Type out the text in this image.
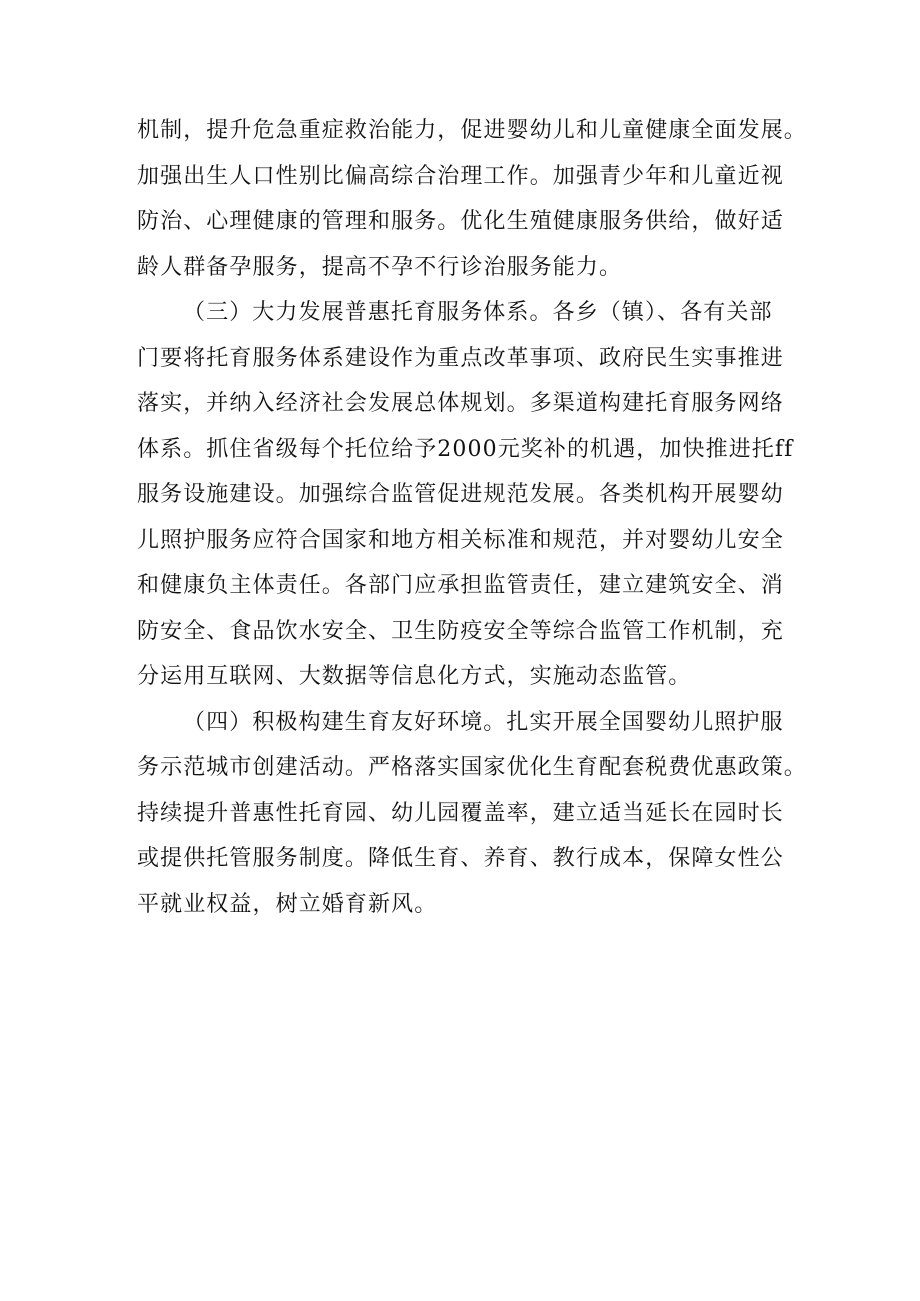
机制，提升危急重症救治能力，促进婴幼儿和儿童健康全面发展。
加强出生人口性别比偏高综合治理工作。加强青少年和儿童近视
防治、心理健康的管理和服务。优化生殖健康服务供给，做好适
龄人群备孕服务，提高不孕不行诊治服务能力。
（三）大力发展普惠托育服务体系。各乡（镇）、各有关部
门要将托育服务体系建设作为重点改革事项、政府民生实事推进
落实，并纳入经济社会发展总体规划。多渠道构建托育服务网络
体系。抓住省级每个托位给予2000元奖补的机遇，加快推进托ff
服务设施建设。加强综合监管促进规范发展。各类机构开展婴幼
儿照护服务应符合国家和地方相关标准和规范，并对婴幼儿安全
和健康负主体责任。各部门应承担监管责任，建立建筑安全、消
防安全、食品饮水安全、卫生防疫安全等综合监管工作机制，充
分运用互联网、大数据等信息化方式，实施动态监管。
（四）积极构建生育友好环境。扎实开展全国婴幼儿照护服
务示范城市创建活动。严格落实国家优化生育配套税费优惠政策。
持续提升普惠性托育园、幼儿园覆盖率，建立适当延长在园时长
或提供托管服务制度。降低生育、养育、教行成本，保障女性公
平就业权益，树立婚育新风。
